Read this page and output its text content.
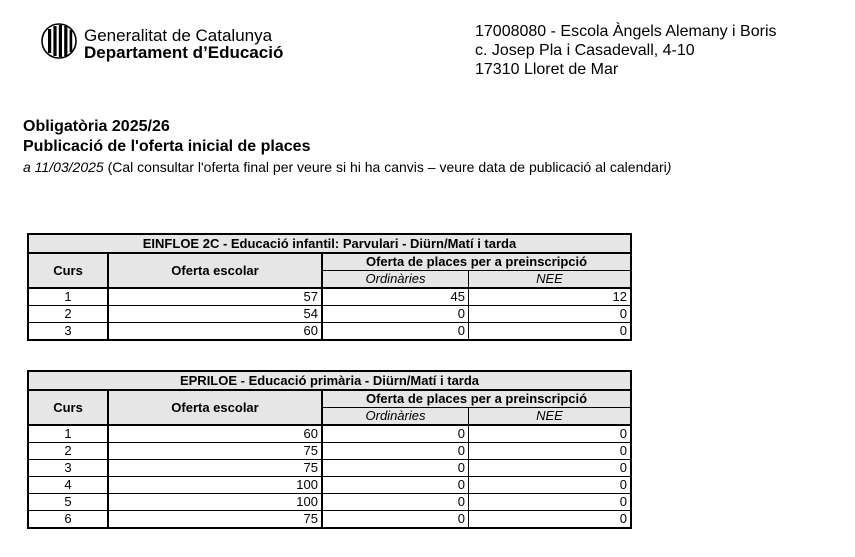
Generalitat de Catalunya
Departament d’Educació
17008080 - Escola Àngels Alemany i Boris
c. Josep Pla i Casadevall, 4-10
17310 Lloret de Mar
Obligatòria 2025/26
Publicació de l'oferta inicial de places
a 11/03/2025 (Cal consultar l'oferta final per veure si hi ha canvis – veure data de publicació al calendari)
EINFLOE 2C - Educació infantil: Parvulari - Diürn/Matí i tarda			
Curs	Oferta escolar	Oferta de places per a preinscripció	
		Ordinàries	NEE
1	57	45	12
2	54	0	0
3	60	0	0
EPRILOE - Educació primària - Diürn/Matí i tarda			
Curs	Oferta escolar	Oferta de places per a preinscripció	
		Ordinàries	NEE
1	60	0	0
2	75	0	0
3	75	0	0
4	100	0	0
5	100	0	0
6	75	0	0
